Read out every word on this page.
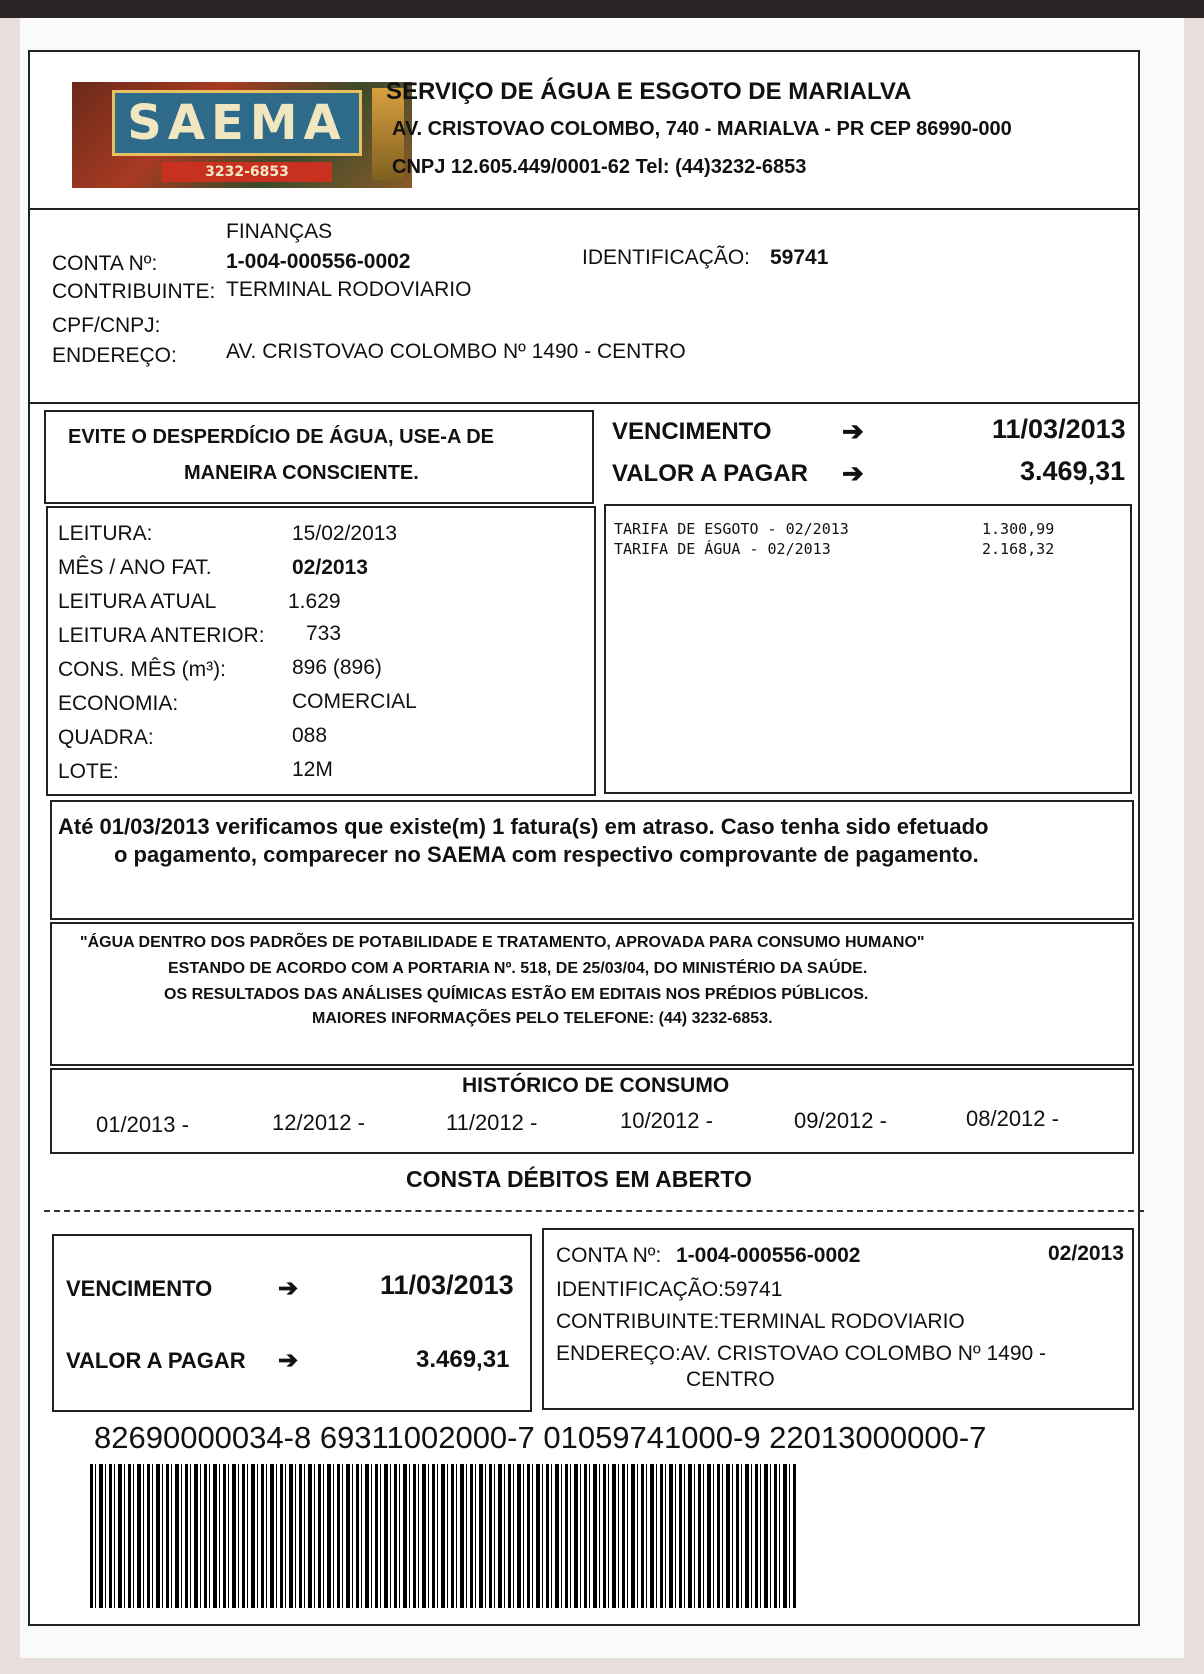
SAEMA
3232-6853
SERVIÇO DE ÁGUA E ESGOTO DE MARIALVA
AV. CRISTOVAO COLOMBO, 740 - MARIALVA - PR CEP 86990-000
CNPJ 12.605.449/0001-62 Tel: (44)3232-6853
FINANÇAS
CONTA Nº:	1-004-000556-0002	IDENTIFICAÇÃO: 59741
CONTRIBUINTE: TERMINAL RODOVIARIO
CPF/CNPJ:
ENDEREÇO: AV. CRISTOVAO COLOMBO Nº 1490 - CENTRO
EVITE O DESPERDÍCIO DE ÁGUA, USE-A DE
MANEIRA CONSCIENTE.
VENCIMENTO	➔	11/03/2013
VALOR A PAGAR ➔	3.469,31
LEITURA:	15/02/2013
MÊS / ANO FAT.	02/2013
LEITURA ATUAL	1.629
LEITURA ANTERIOR: 733
CONS. MÊS (m³):	896 (896)
ECONOMIA:	COMERCIAL
QUADRA:	088
LOTE:	12M
TARIFA DE ESGOTO - 02/2013	1.300,99
TARIFA DE ÁGUA - 02/2013	2.168,32
Até 01/03/2013 verificamos que existe(m) 1 fatura(s) em atraso. Caso tenha sido efetuado
o pagamento, comparecer no SAEMA com respectivo comprovante de pagamento.
"ÁGUA DENTRO DOS PADRÕES DE POTABILIDADE E TRATAMENTO, APROVADA PARA CONSUMO HUMANO"
ESTANDO DE ACORDO COM A PORTARIA Nº. 518, DE 25/03/04, DO MINISTÉRIO DA SAÚDE.
OS RESULTADOS DAS ANÁLISES QUÍMICAS ESTÃO EM EDITAIS NOS PRÉDIOS PÚBLICOS.
MAIORES INFORMAÇÕES PELO TELEFONE: (44) 3232-6853.
HISTÓRICO DE CONSUMO
01/2013 -	12/2012 -	11/2012 -	10/2012 -	09/2012 -	08/2012 -
CONSTA DÉBITOS EM ABERTO
VENCIMENTO	➔	11/03/2013
VALOR A PAGAR ➔	3.469,31
CONTA Nº: 1-004-000556-0002	02/2013
IDENTIFICAÇÃO:59741
CONTRIBUINTE:TERMINAL RODOVIARIO
ENDEREÇO:AV. CRISTOVAO COLOMBO Nº 1490 -
CENTRO
82690000034-8 69311002000-7 01059741000-9 22013000000-7
